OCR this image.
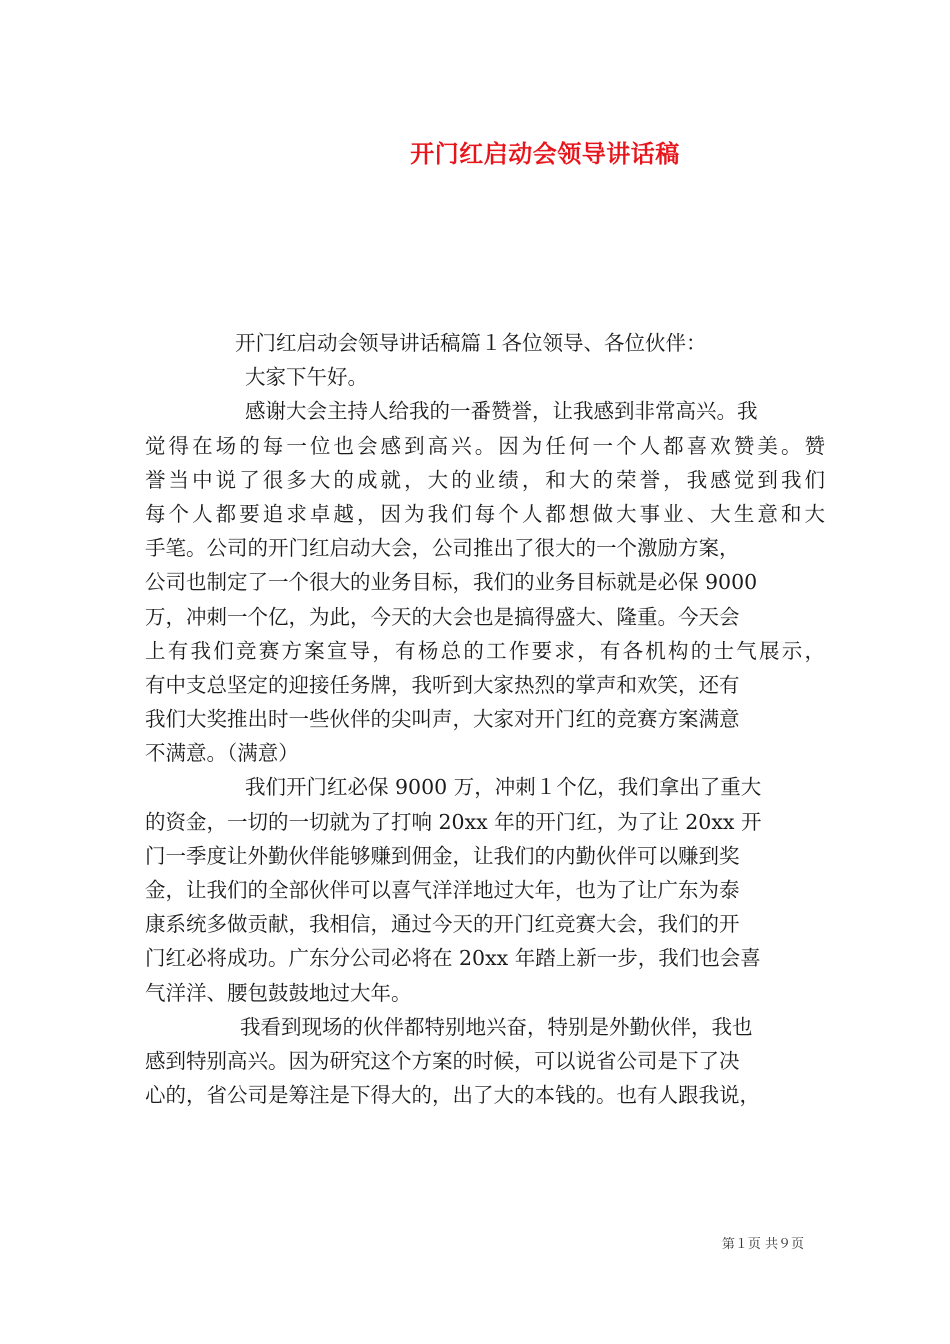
开门红启动会领导讲话稿
开门红启动会领导讲话稿篇１各位领导、各位伙伴：
大家下午好。
感谢大会主持人给我的一番赞誉，让我感到非常高兴。我
觉得在场的每一位也会感到高兴。因为任何一个人都喜欢赞美。赞
誉当中说了很多大的成就，大的业绩，和大的荣誉，我感觉到我们
每个人都要追求卓越，因为我们每个人都想做大事业、大生意和大
手笔。公司的开门红启动大会，公司推出了很大的一个激励方案，
公司也制定了一个很大的业务目标，我们的业务目标就是必保 9000
万，冲刺一个亿，为此，今天的大会也是搞得盛大、隆重。今天会
上有我们竞赛方案宣导，有杨总的工作要求，有各机构的士气展示，
有中支总坚定的迎接任务牌，我听到大家热烈的掌声和欢笑，还有
我们大奖推出时一些伙伴的尖叫声，大家对开门红的竞赛方案满意
不满意。（满意）
我们开门红必保 9000 万，冲刺１个亿，我们拿出了重大
的资金，一切的一切就为了打响 20xx 年的开门红，为了让 20xx 开
门一季度让外勤伙伴能够赚到佣金，让我们的内勤伙伴可以赚到奖
金，让我们的全部伙伴可以喜气洋洋地过大年，也为了让广东为泰
康系统多做贡献，我相信，通过今天的开门红竞赛大会，我们的开
门红必将成功。广东分公司必将在 20xx 年踏上新一步，我们也会喜
气洋洋、腰包鼓鼓地过大年。
我看到现场的伙伴都特别地兴奋，特别是外勤伙伴，我也
感到特别高兴。因为研究这个方案的时候，可以说省公司是下了决
心的，省公司是筹注是下得大的，出了大的本钱的。也有人跟我说，
第１页 共９页
